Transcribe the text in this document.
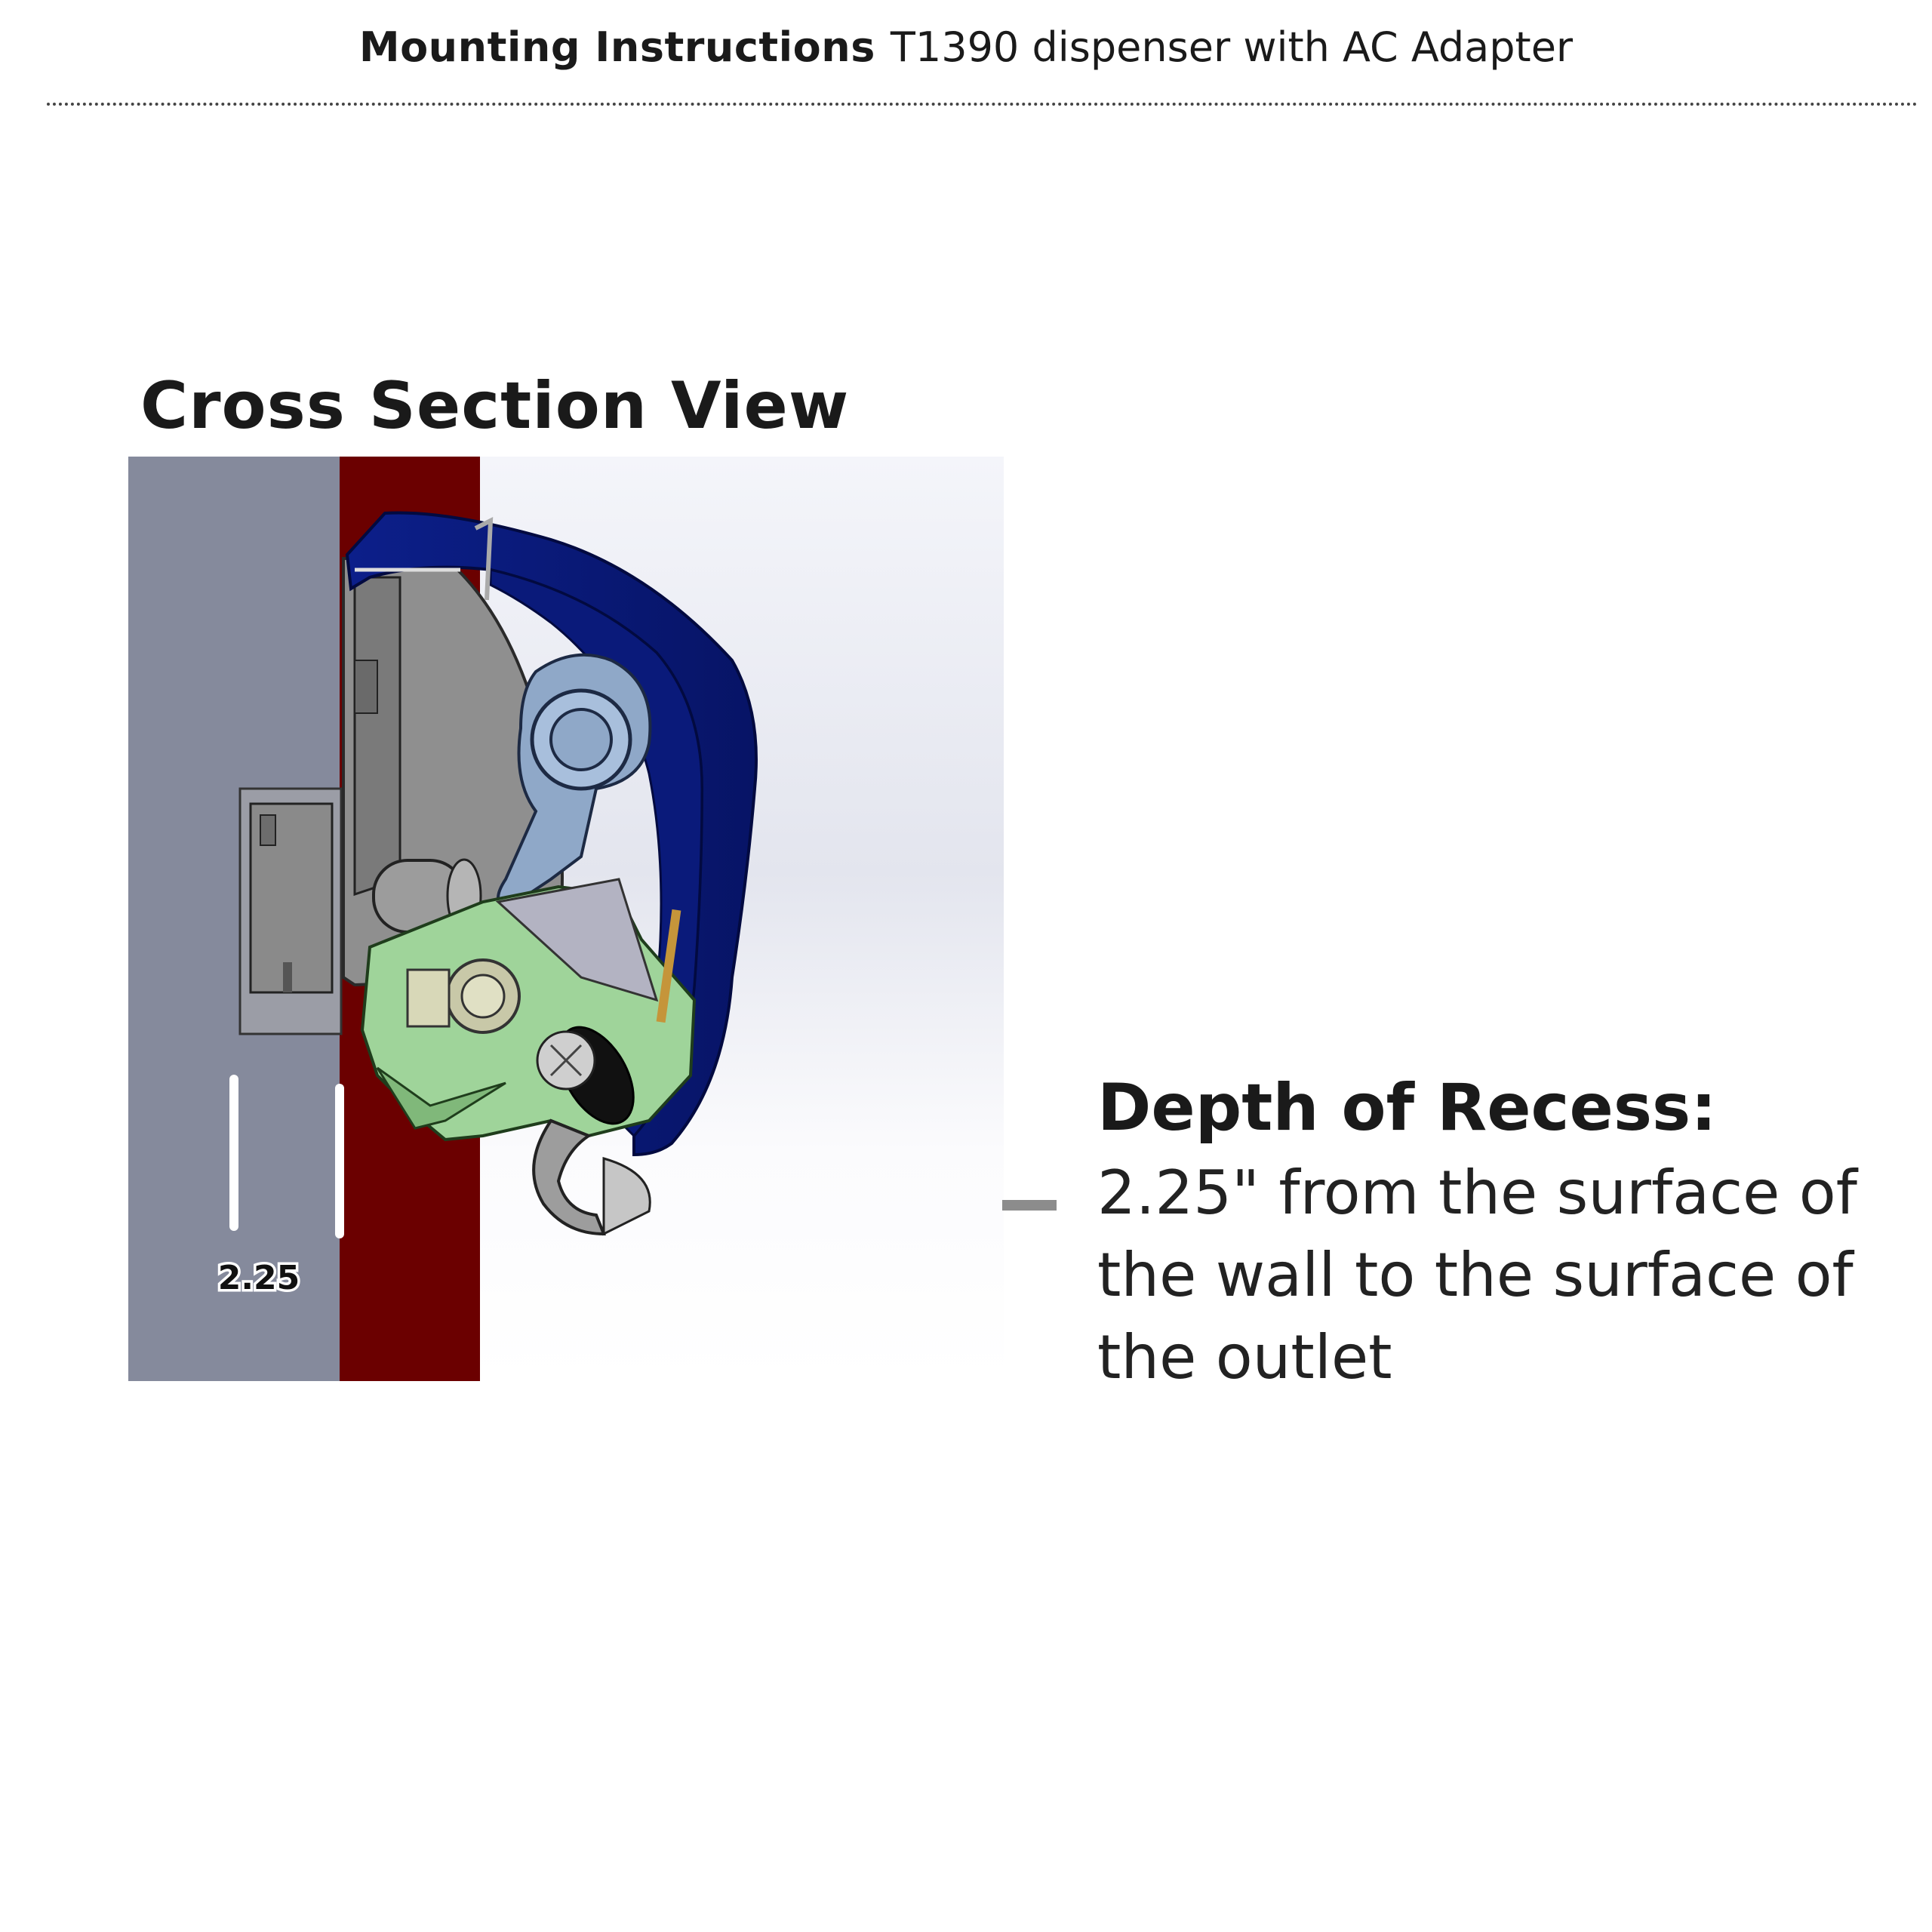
Mounting Instructions T1390 dispenser with AC Adapter
Cross Section View
2.25
Depth of Recess:
2.25" from the surface of the wall to the surface of the outlet
